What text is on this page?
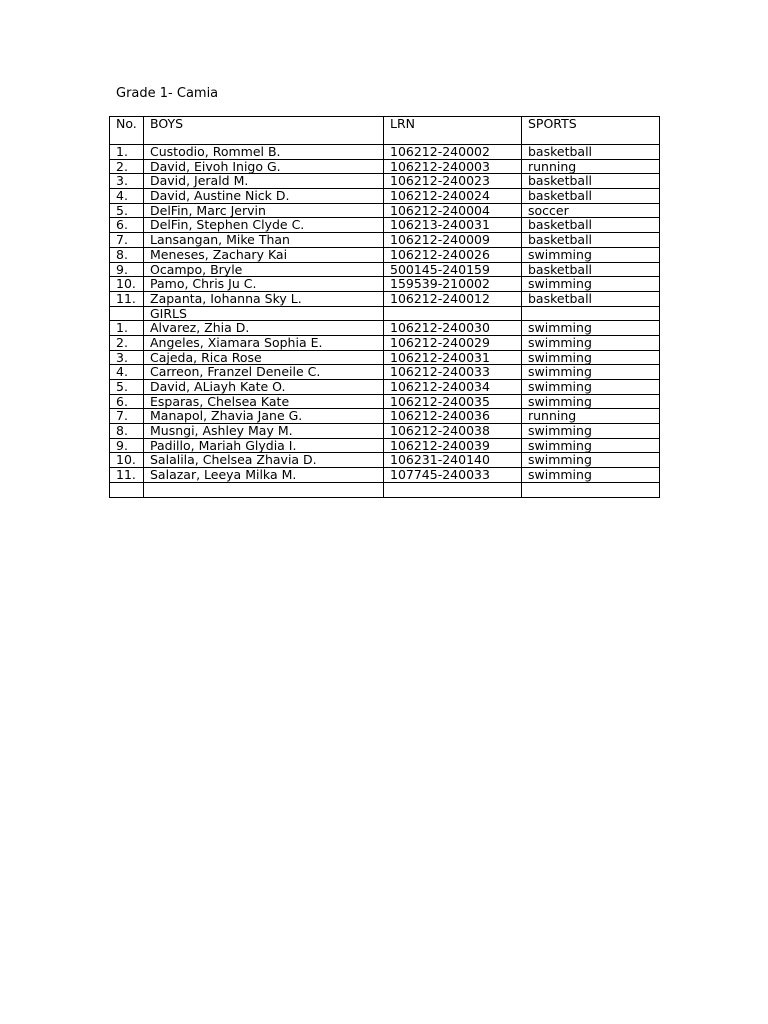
Grade 1- Camia
No.	BOYS	LRN	SPORTS
1.	Custodio, Rommel B.	106212-240002	basketball
2.	David, Eivoh Inigo G.	106212-240003	running
3.	David, Jerald M.	106212-240023	basketball
4.	David, Austine Nick D.	106212-240024	basketball
5.	DelFin, Marc Jervin	106212-240004	soccer
6.	DelFin, Stephen Clyde C.	106213-240031	basketball
7.	Lansangan, Mike Than	106212-240009	basketball
8.	Meneses, Zachary Kai	106212-240026	swimming
9.	Ocampo, Bryle	500145-240159	basketball
10.	Pamo, Chris Ju C.	159539-210002	swimming
11.	Zapanta, Iohanna Sky L.	106212-240012	basketball
	GIRLS		
1.	Alvarez, Zhia D.	106212-240030	swimming
2.	Angeles, Xiamara Sophia E.	106212-240029	swimming
3.	Cajeda, Rica Rose	106212-240031	swimming
4.	Carreon, Franzel Deneile C.	106212-240033	swimming
5.	David, ALiayh Kate O.	106212-240034	swimming
6.	Esparas, Chelsea Kate	106212-240035	swimming
7.	Manapol, Zhavia Jane G.	106212-240036	running
8.	Musngi, Ashley May M.	106212-240038	swimming
9.	Padillo, Mariah Glydia I.	106212-240039	swimming
10.	Salalila, Chelsea Zhavia D.	106231-240140	swimming
11.	Salazar, Leeya Milka M.	107745-240033	swimming
